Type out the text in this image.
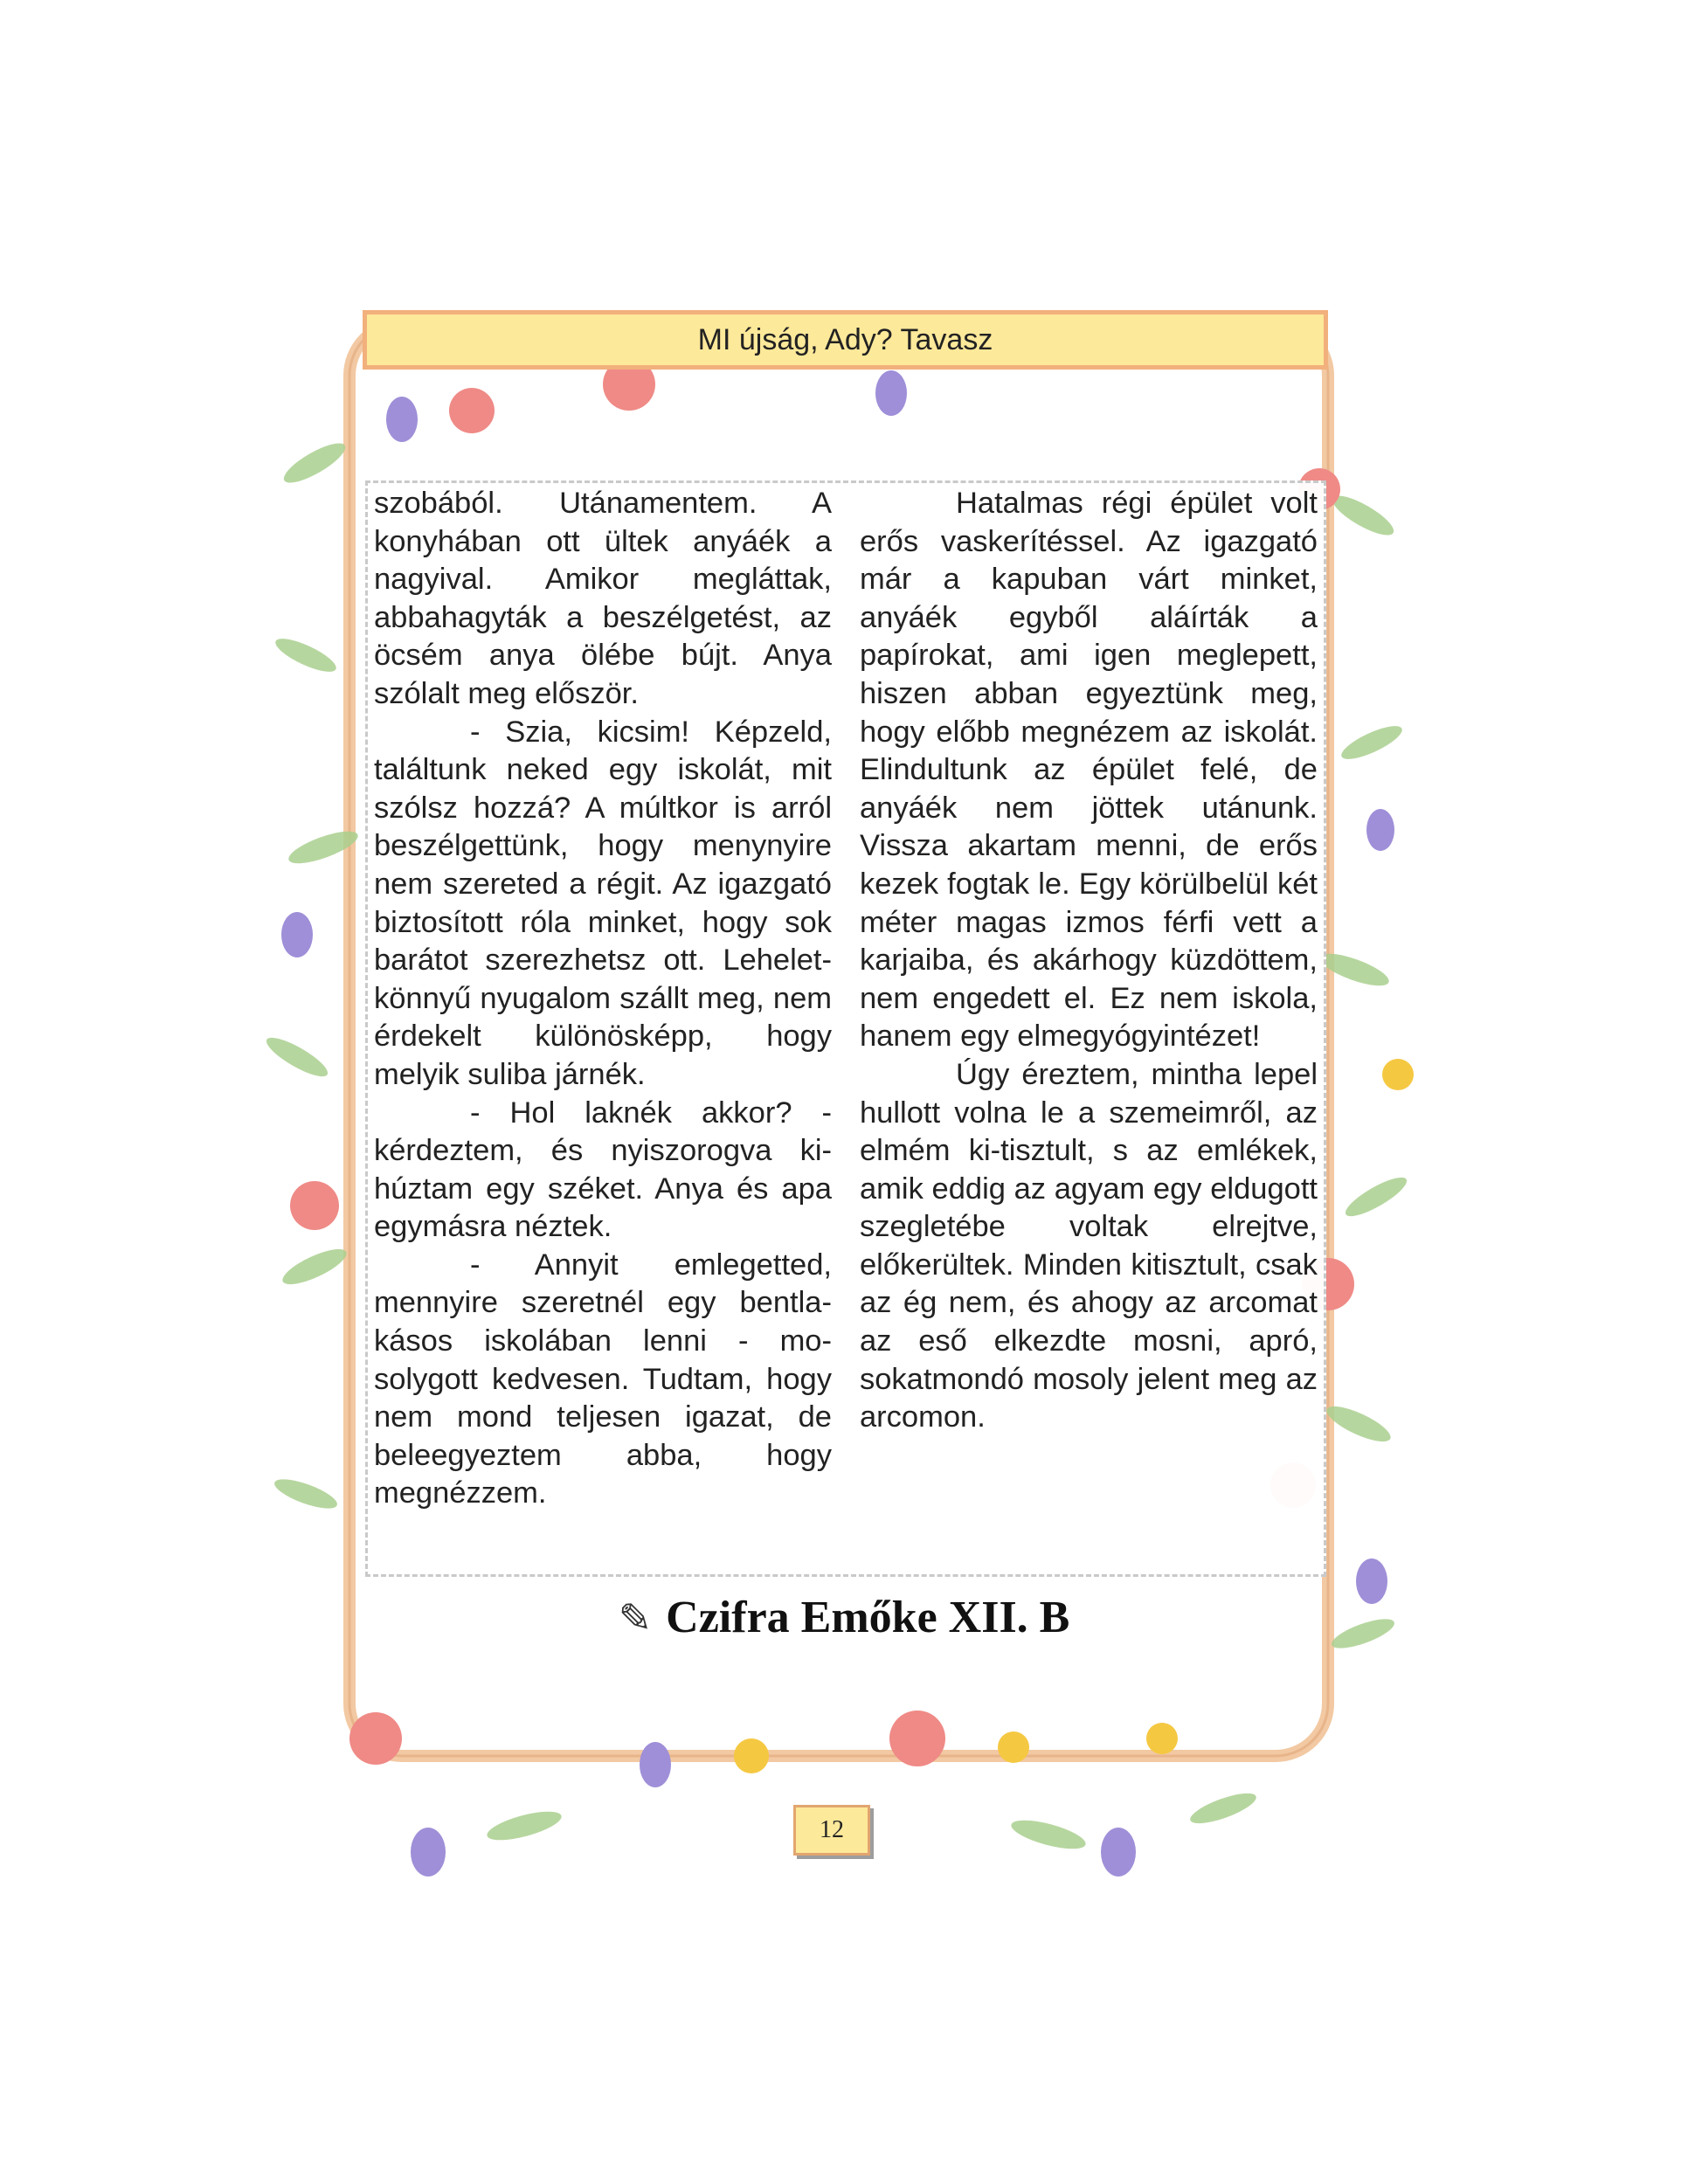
MI újság, Ady? Tavasz

szobából. Utánamentem. A konyhában ott ültek anyáék a nagyival. Amikor megláttak, abbahagyták a beszélgetést, az öcsém anya ölébe bújt. Anya szólalt meg először.

- Szia, kicsim! Képzeld, találtunk neked egy iskolát, mit szólsz hozzá? A múltkor is arról beszélgettünk, hogy menynyire nem szereted a régit. Az igazgató biztosított róla minket, hogy sok barátot szerezhetsz ott. Lehelet- könnyű nyugalom szállt meg, nem érdekelt különösképp, hogy melyik suliba járnék.

- Hol laknék akkor? - kérdeztem, és nyiszorogva kihúztam egy széket. Anya és apa egymásra néztek.

- Annyit emlegetted, mennyire szeretnél egy bentlakásos iskolában lenni - mosolygott kedvesen. Tudtam, hogy nem mond teljesen igazat, de beleegyeztem abba, hogy megnézzem.

Hatalmas régi épület volt erős vaskerítéssel. Az igazgató már a kapuban várt minket, anyáék egyből aláírták a papírokat, ami igen meglepett, hiszen abban egyeztünk meg, hogy előbb megnézem az iskolát. Elindultunk az épület felé, de anyáék nem jöttek utánunk. Vissza akartam menni, de erős kezek fogtak le. Egy körülbelül két méter magas izmos férfi vett a karjaiba, és akárhogy küzdöttem, nem engedett el. Ez nem iskola, hanem egy elmegyógyintézet!

Úgy éreztem, mintha lepel hullott volna le a szemeimről, az elmém ki-tisztult, s az emlékek, amik eddig az agyam egy eldugott szegletébe voltak elrejtve, előkerültek. Minden kitisztult, csak az ég nem, és ahogy az arcomat az eső elkezdte mosni, apró, sokatmondó mosoly jelent meg az arcomon.

✎ Czifra Emőke XII. B
12
